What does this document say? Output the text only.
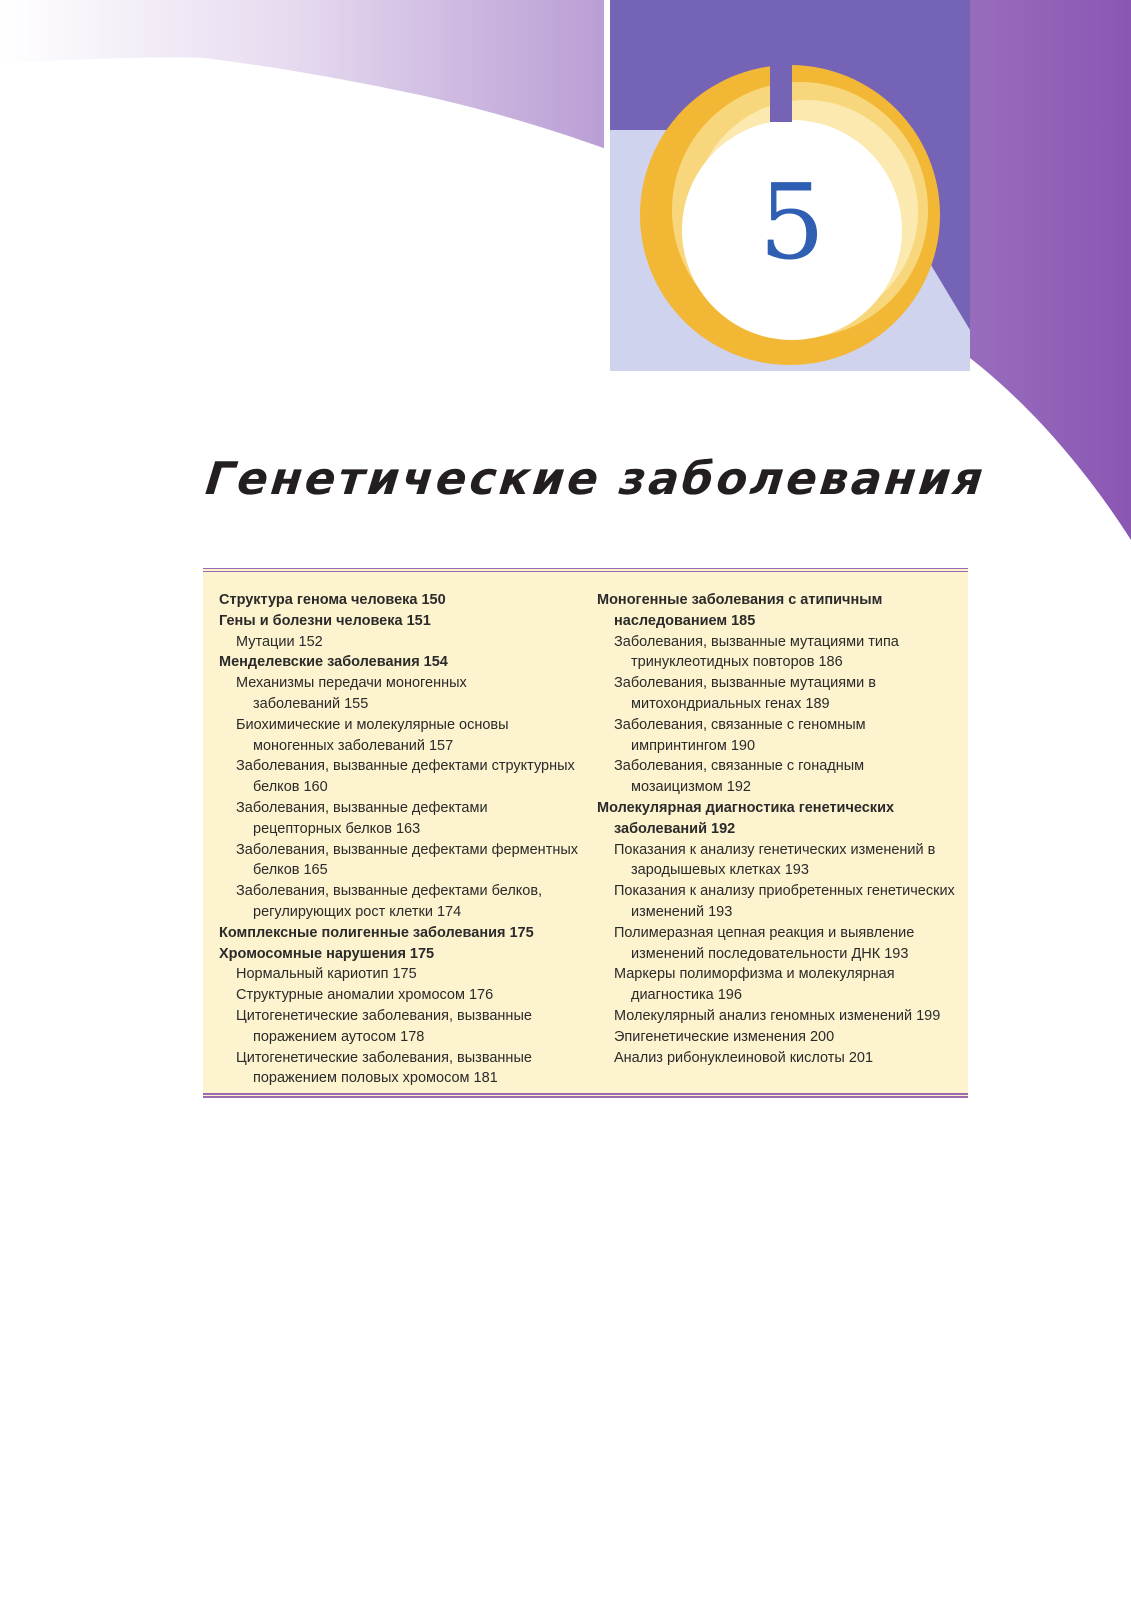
5
Генетические заболевания
Структура генома человека 150
Гены и болезни человека 151
Мутации 152
Менделевские заболевания 154
Механизмы передачи моногенных заболеваний 155
Биохимические и молекулярные основы моногенных заболеваний 157
Заболевания, вызванные дефектами структурных белков 160
Заболевания, вызванные дефектами рецепторных белков 163
Заболевания, вызванные дефектами ферментных белков 165
Заболевания, вызванные дефектами белков, регулирующих рост клетки 174
Комплексные полигенные заболевания 175
Хромосомные нарушения 175
Нормальный кариотип 175
Структурные аномалии хромосом 176
Цитогенетические заболевания, вызванные поражением аутосом 178
Цитогенетические заболевания, вызванные поражением половых хромосом 181
Моногенные заболевания с атипичным наследованием 185
Заболевания, вызванные мутациями типа тринуклеотидных повторов 186
Заболевания, вызванные мутациями в митохондриальных генах 189
Заболевания, связанные с геномным импринтингом 190
Заболевания, связанные с гонадным мозаицизмом 192
Молекулярная диагностика генетических заболеваний 192
Показания к анализу генетических изменений в зародышевых клетках 193
Показания к анализу приобретенных генетических изменений 193
Полимеразная цепная реакция и выявление изменений последовательности ДНК 193
Маркеры полиморфизма и молекулярная диагностика 196
Молекулярный анализ геномных изменений 199
Эпигенетические изменения 200
Анализ рибонуклеиновой кислоты 201
